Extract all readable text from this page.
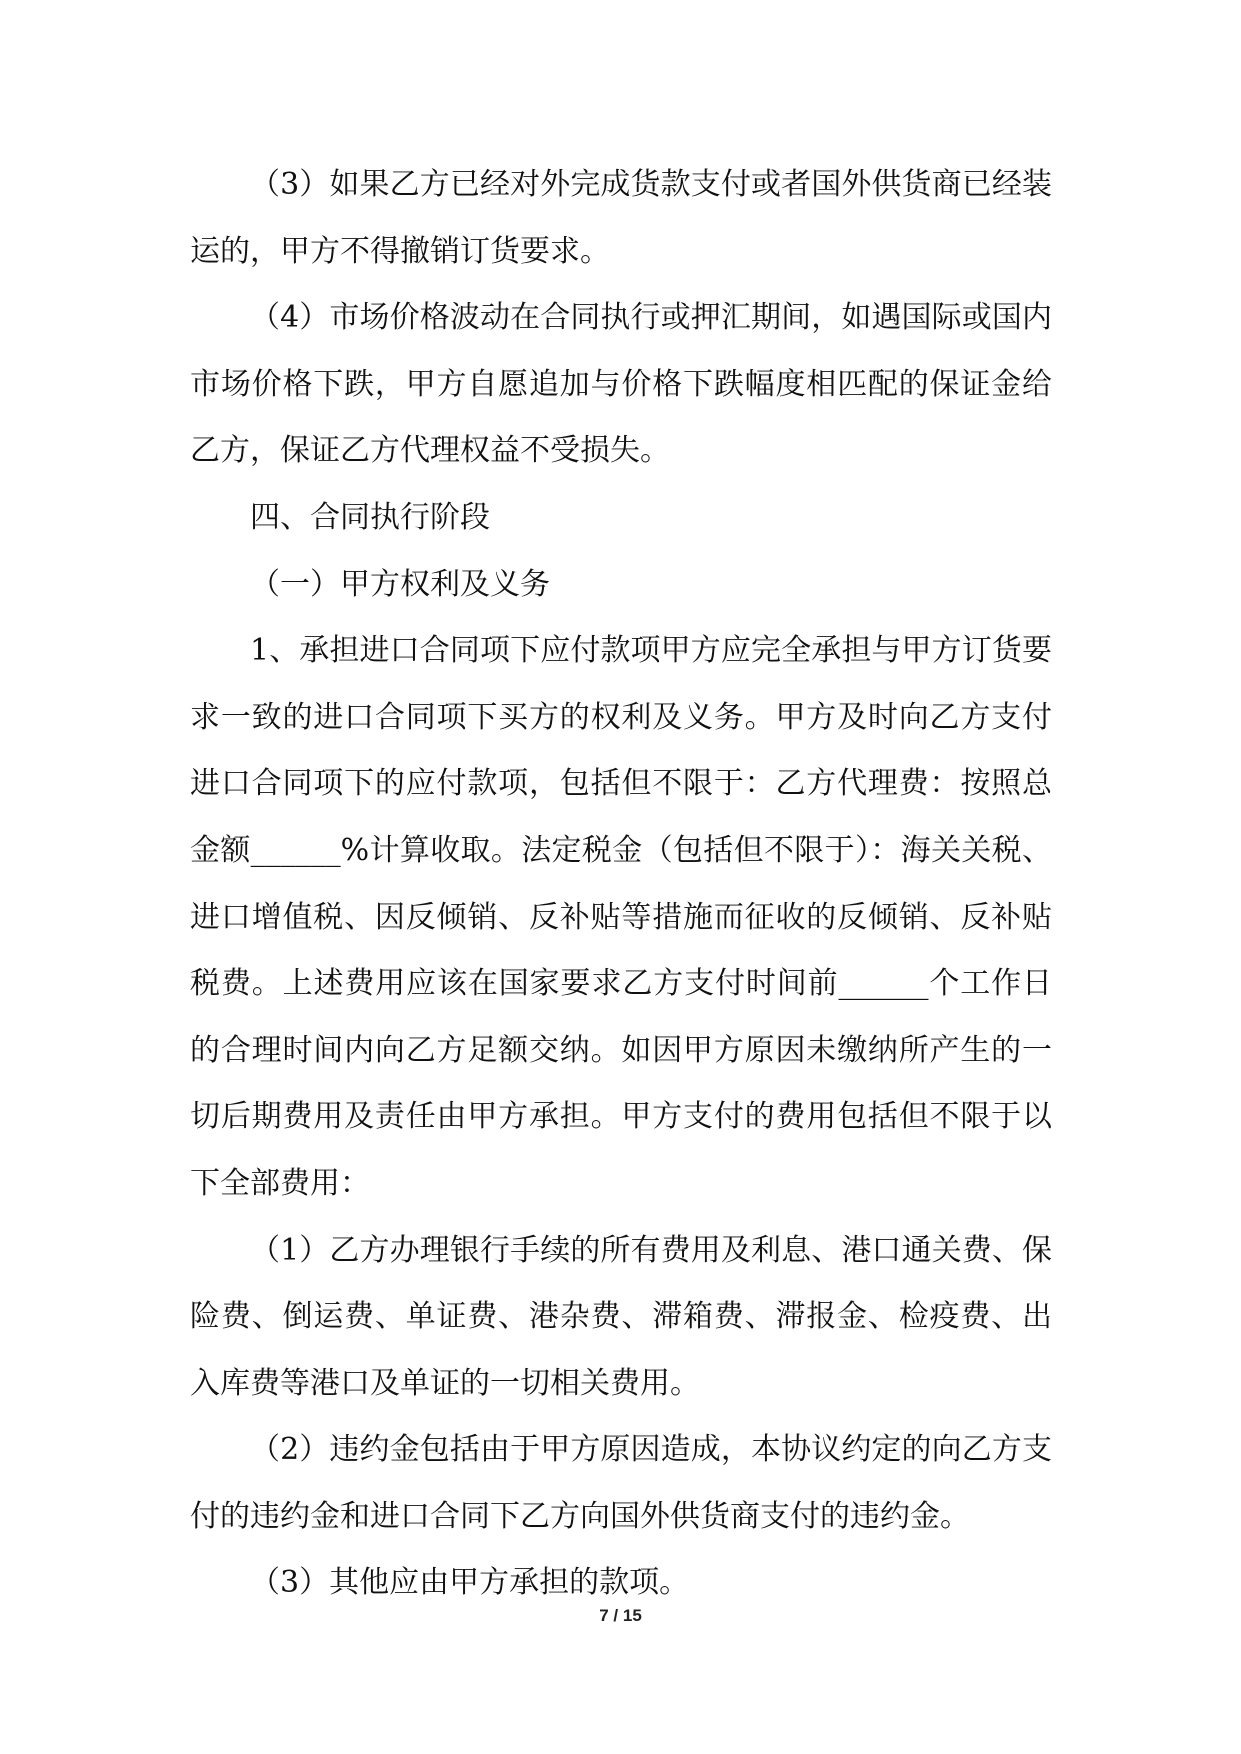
（3）如果乙方已经对外完成货款支付或者国外供货商已经装运的，甲方不得撤销订货要求。

（4）市场价格波动在合同执行或押汇期间，如遇国际或国内市场价格下跌，甲方自愿追加与价格下跌幅度相匹配的保证金给乙方，保证乙方代理权益不受损失。

四、合同执行阶段

（一）甲方权利及义务

1、承担进口合同项下应付款项甲方应完全承担与甲方订货要求一致的进口合同项下买方的权利及义务。甲方及时向乙方支付进口合同项下的应付款项，包括但不限于：乙方代理费：按照总金额______%计算收取。法定税金（包括但不限于）：海关关税、进口增值税、因反倾销、反补贴等措施而征收的反倾销、反补贴税费。上述费用应该在国家要求乙方支付时间前______个工作日的合理时间内向乙方足额交纳。如因甲方原因未缴纳所产生的一切后期费用及责任由甲方承担。甲方支付的费用包括但不限于以下全部费用：

（1）乙方办理银行手续的所有费用及利息、港口通关费、保险费、倒运费、单证费、港杂费、滞箱费、滞报金、检疫费、出入库费等港口及单证的一切相关费用。

（2）违约金包括由于甲方原因造成，本协议约定的向乙方支付的违约金和进口合同下乙方向国外供货商支付的违约金。

（3）其他应由甲方承担的款项。

7 / 15
